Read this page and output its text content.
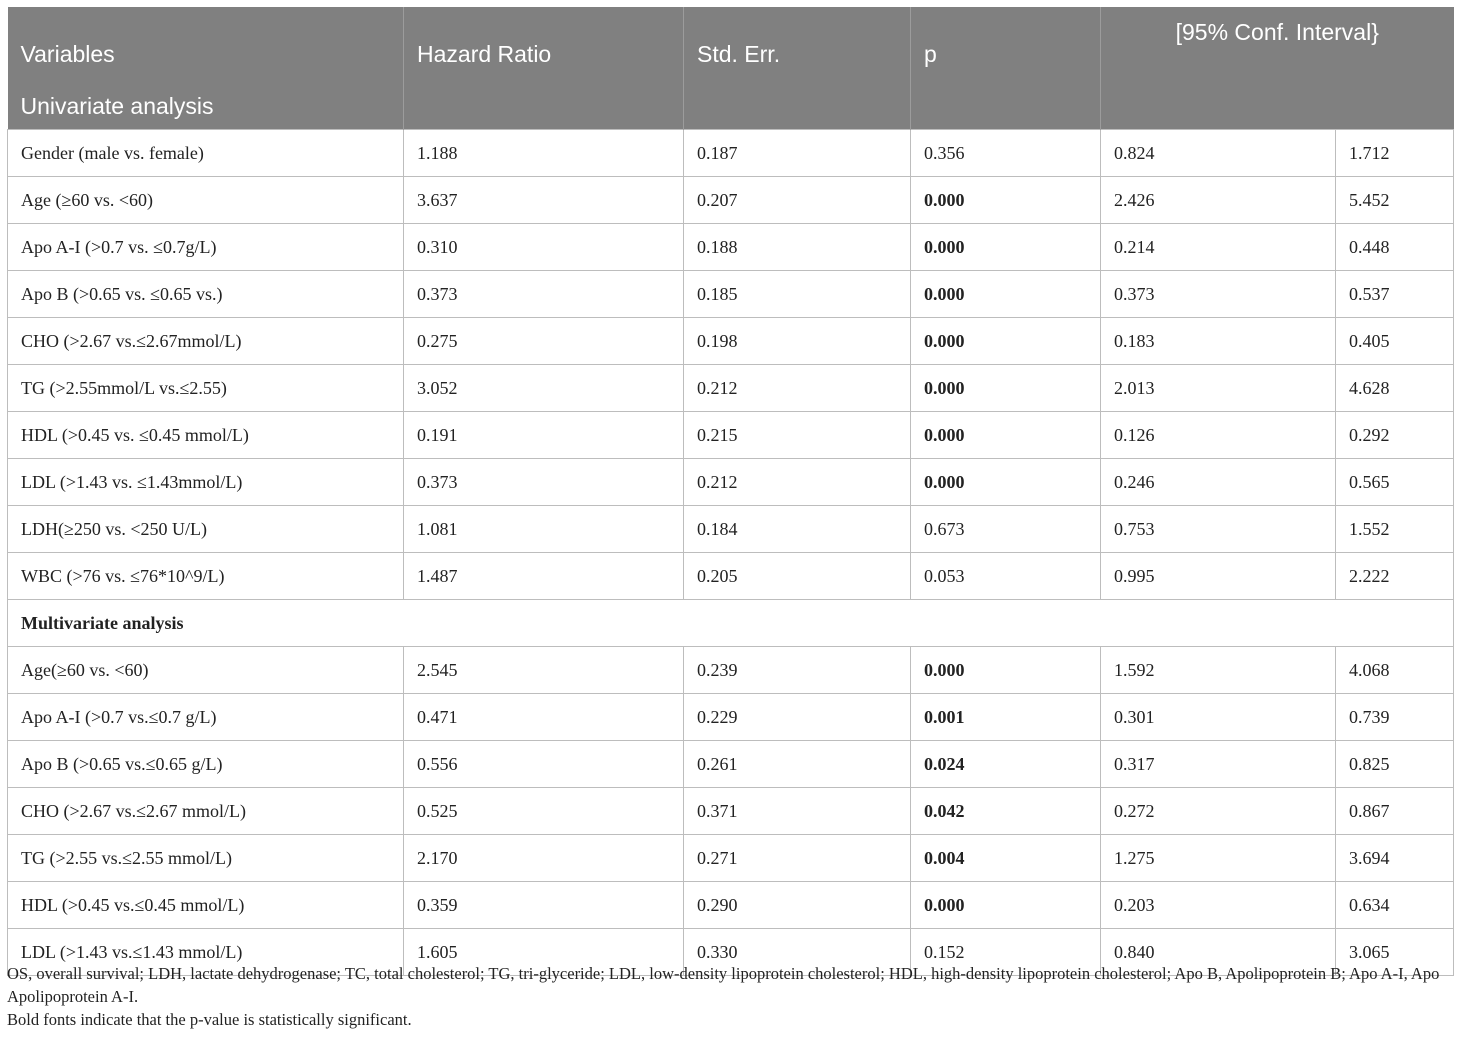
Variables	Hazard Ratio	Std. Err.	p	[95% Conf. Interval}	
Univariate analysis					
Gender (male vs. female)	1.188	0.187	0.356	0.824	1.712
Age (≥60 vs. <60)	3.637	0.207	0.000	2.426	5.452
Apo A-I (>0.7 vs. ≤0.7g/L)	0.310	0.188	0.000	0.214	0.448
Apo B (>0.65 vs. ≤0.65 vs.)	0.373	0.185	0.000	0.373	0.537
CHO (>2.67 vs.≤2.67mmol/L)	0.275	0.198	0.000	0.183	0.405
TG (>2.55mmol/L vs.≤2.55)	3.052	0.212	0.000	2.013	4.628
HDL (>0.45 vs. ≤0.45 mmol/L)	0.191	0.215	0.000	0.126	0.292
LDL (>1.43 vs. ≤1.43mmol/L)	0.373	0.212	0.000	0.246	0.565
LDH(≥250 vs. <250 U/L)	1.081	0.184	0.673	0.753	1.552
WBC (>76 vs. ≤76*10^9/L)	1.487	0.205	0.053	0.995	2.222
Multivariate analysis					
Age(≥60 vs. <60)	2.545	0.239	0.000	1.592	4.068
Apo A-I (>0.7 vs.≤0.7 g/L)	0.471	0.229	0.001	0.301	0.739
Apo B (>0.65 vs.≤0.65 g/L)	0.556	0.261	0.024	0.317	0.825
CHO (>2.67 vs.≤2.67 mmol/L)	0.525	0.371	0.042	0.272	0.867
TG (>2.55 vs.≤2.55 mmol/L)	2.170	0.271	0.004	1.275	3.694
HDL (>0.45 vs.≤0.45 mmol/L)	0.359	0.290	0.000	0.203	0.634
LDL (>1.43 vs.≤1.43 mmol/L)	1.605	0.330	0.152	0.840	3.065

OS, overall survival; LDH, lactate dehydrogenase; TC, total cholesterol; TG, tri-glyceride; LDL, low-density lipoprotein cholesterol; HDL, high-density lipoprotein cholesterol; Apo B, Apolipoprotein B; Apo A-I, Apo Apolipoprotein A-I.

Bold fonts indicate that the p-value is statistically significant.
